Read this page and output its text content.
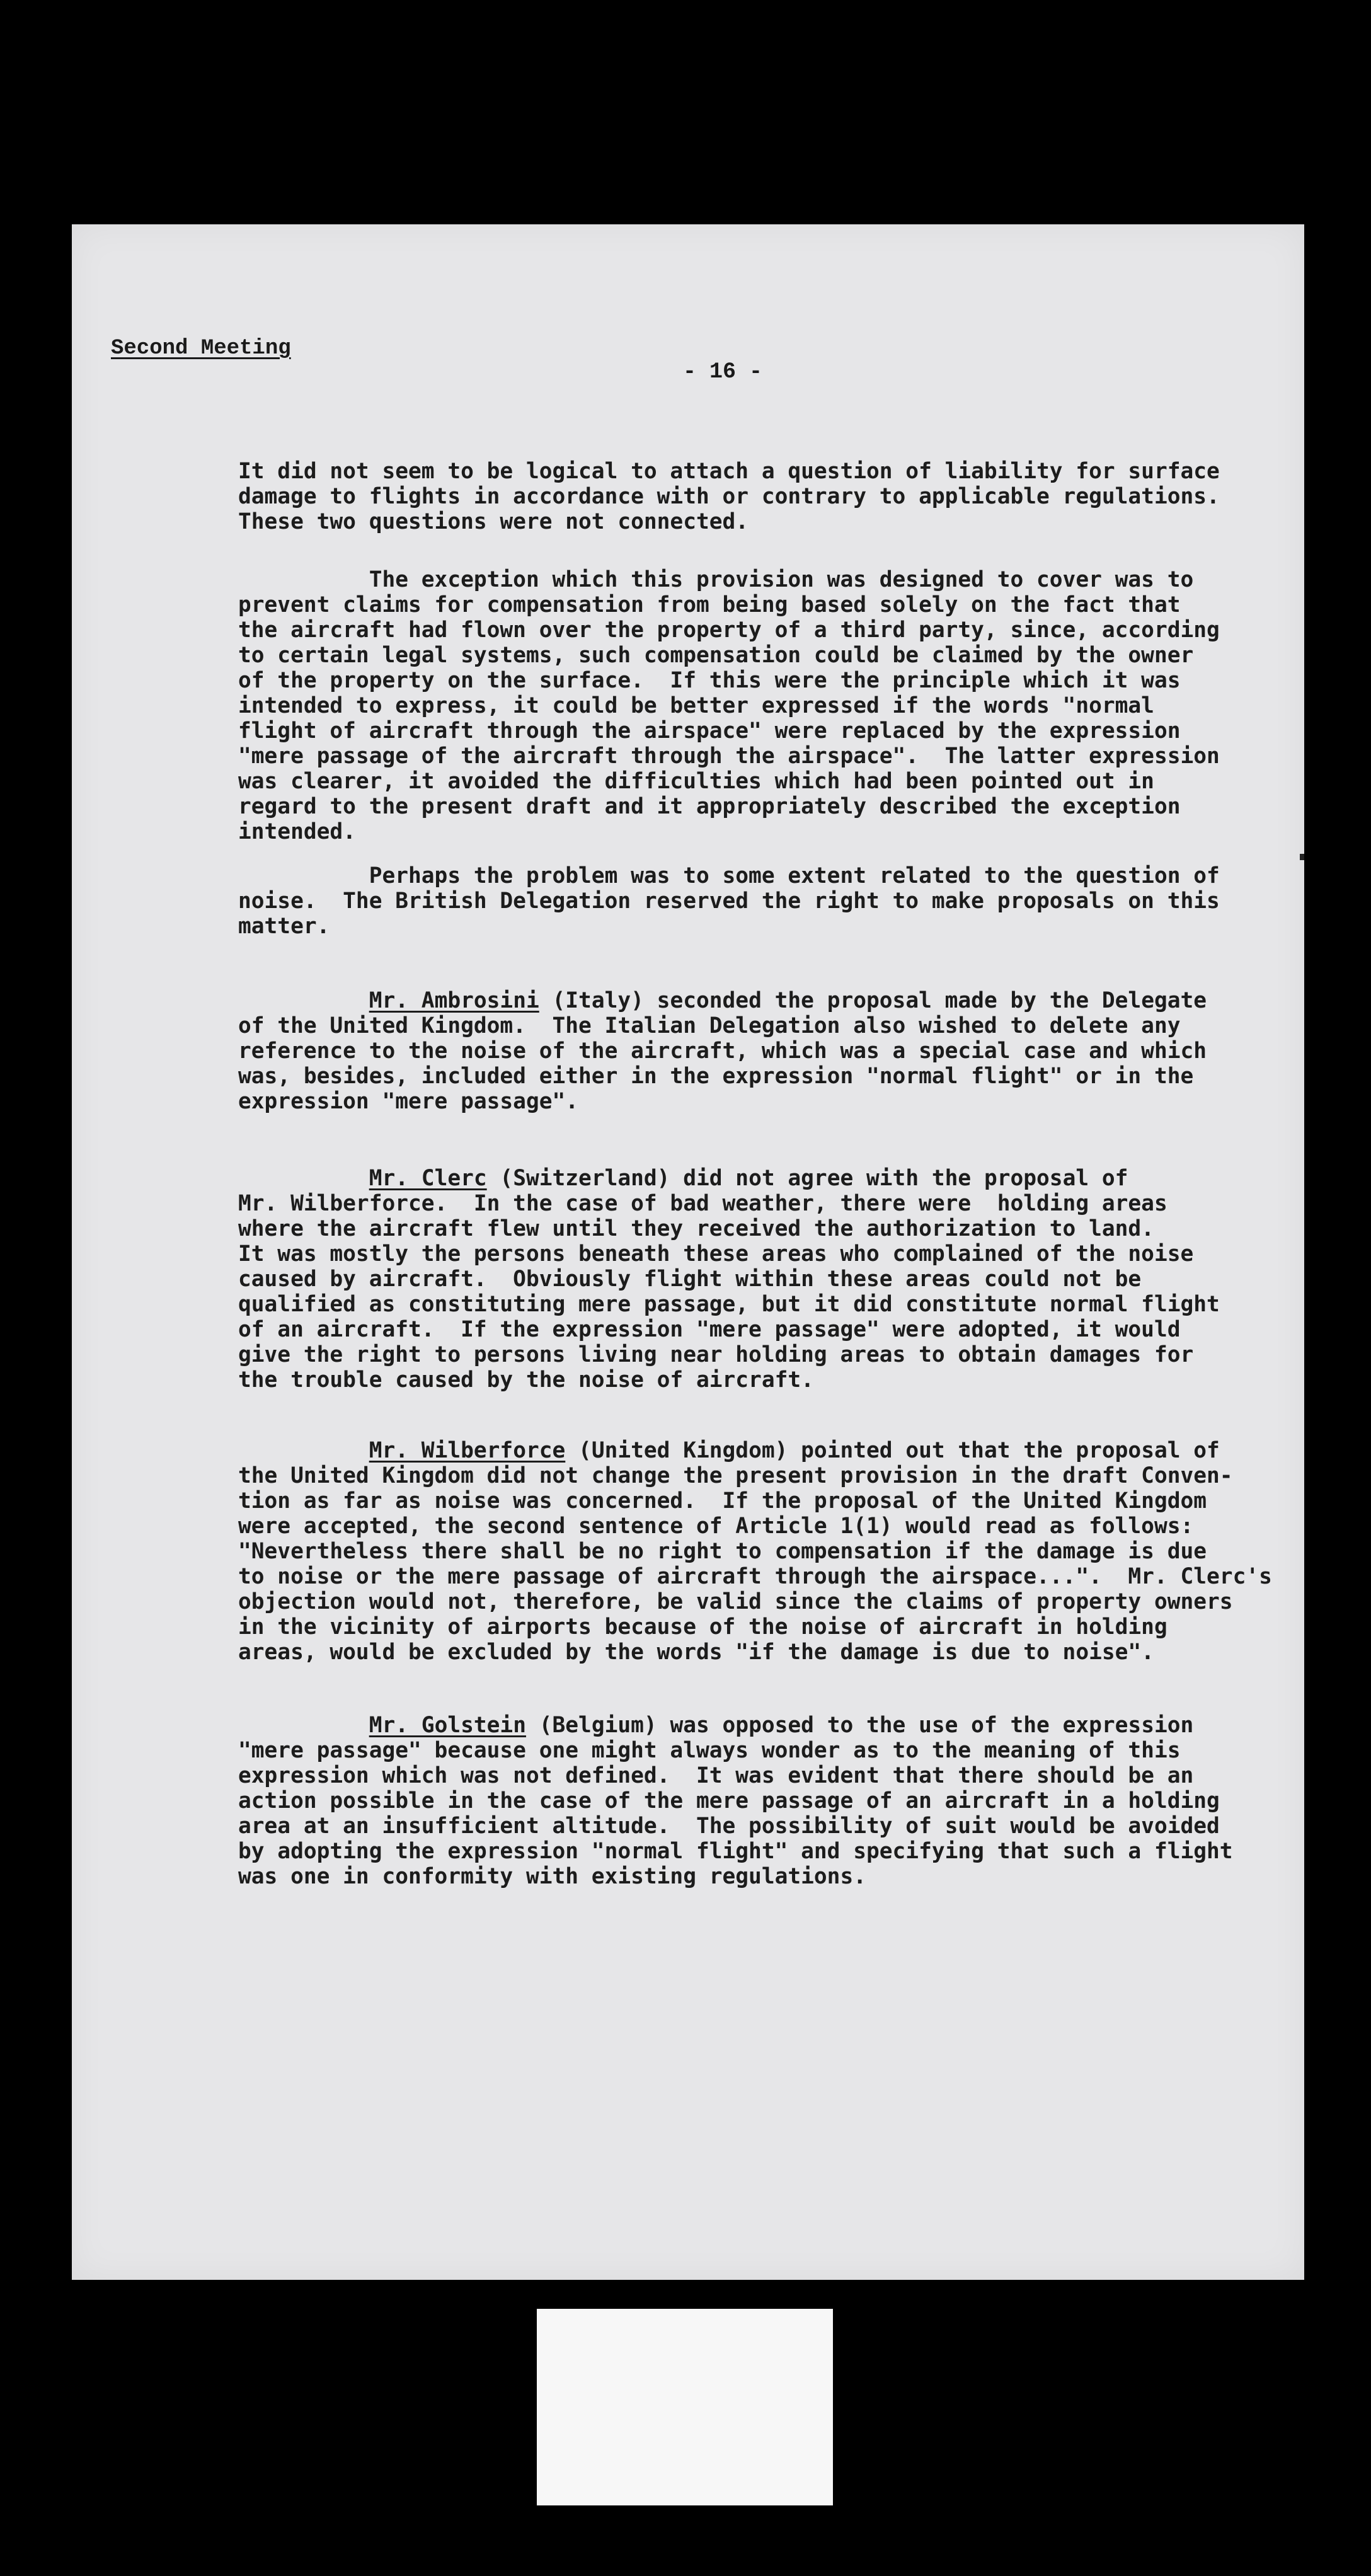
Second Meeting
- 16 -
It did not seem to be logical to attach a question of liability for surface
damage to flights in accordance with or contrary to applicable regulations.
These two questions were not connected.
The exception which this provision was designed to cover was to
prevent claims for compensation from being based solely on the fact that
the aircraft had flown over the property of a third party, since, according
to certain legal systems, such compensation could be claimed by the owner
of the property on the surface.  If this were the principle which it was
intended to express, it could be better expressed if the words "normal
flight of aircraft through the airspace" were replaced by the expression
"mere passage of the aircraft through the airspace".  The latter expression
was clearer, it avoided the difficulties which had been pointed out in
regard to the present draft and it appropriately described the exception
intended.
Perhaps the problem was to some extent related to the question of
noise.  The British Delegation reserved the right to make proposals on this
matter.
Mr. Ambrosini (Italy) seconded the proposal made by the Delegate
of the United Kingdom.  The Italian Delegation also wished to delete any
reference to the noise of the aircraft, which was a special case and which
was, besides, included either in the expression "normal flight" or in the
expression "mere passage".
Mr. Clerc (Switzerland) did not agree with the proposal of
Mr. Wilberforce.  In the case of bad weather, there were  holding areas
where the aircraft flew until they received the authorization to land.
It was mostly the persons beneath these areas who complained of the noise
caused by aircraft.  Obviously flight within these areas could not be
qualified as constituting mere passage, but it did constitute normal flight
of an aircraft.  If the expression "mere passage" were adopted, it would
give the right to persons living near holding areas to obtain damages for
the trouble caused by the noise of aircraft.
Mr. Wilberforce (United Kingdom) pointed out that the proposal of
the United Kingdom did not change the present provision in the draft Conven-
tion as far as noise was concerned.  If the proposal of the United Kingdom
were accepted, the second sentence of Article 1(1) would read as follows:
"Nevertheless there shall be no right to compensation if the damage is due
to noise or the mere passage of aircraft through the airspace...".  Mr. Clerc's
objection would not, therefore, be valid since the claims of property owners
in the vicinity of airports because of the noise of aircraft in holding
areas, would be excluded by the words "if the damage is due to noise".
Mr. Golstein (Belgium) was opposed to the use of the expression
"mere passage" because one might always wonder as to the meaning of this
expression which was not defined.  It was evident that there should be an
action possible in the case of the mere passage of an aircraft in a holding
area at an insufficient altitude.  The possibility of suit would be avoided
by adopting the expression "normal flight" and specifying that such a flight
was one in conformity with existing regulations.
